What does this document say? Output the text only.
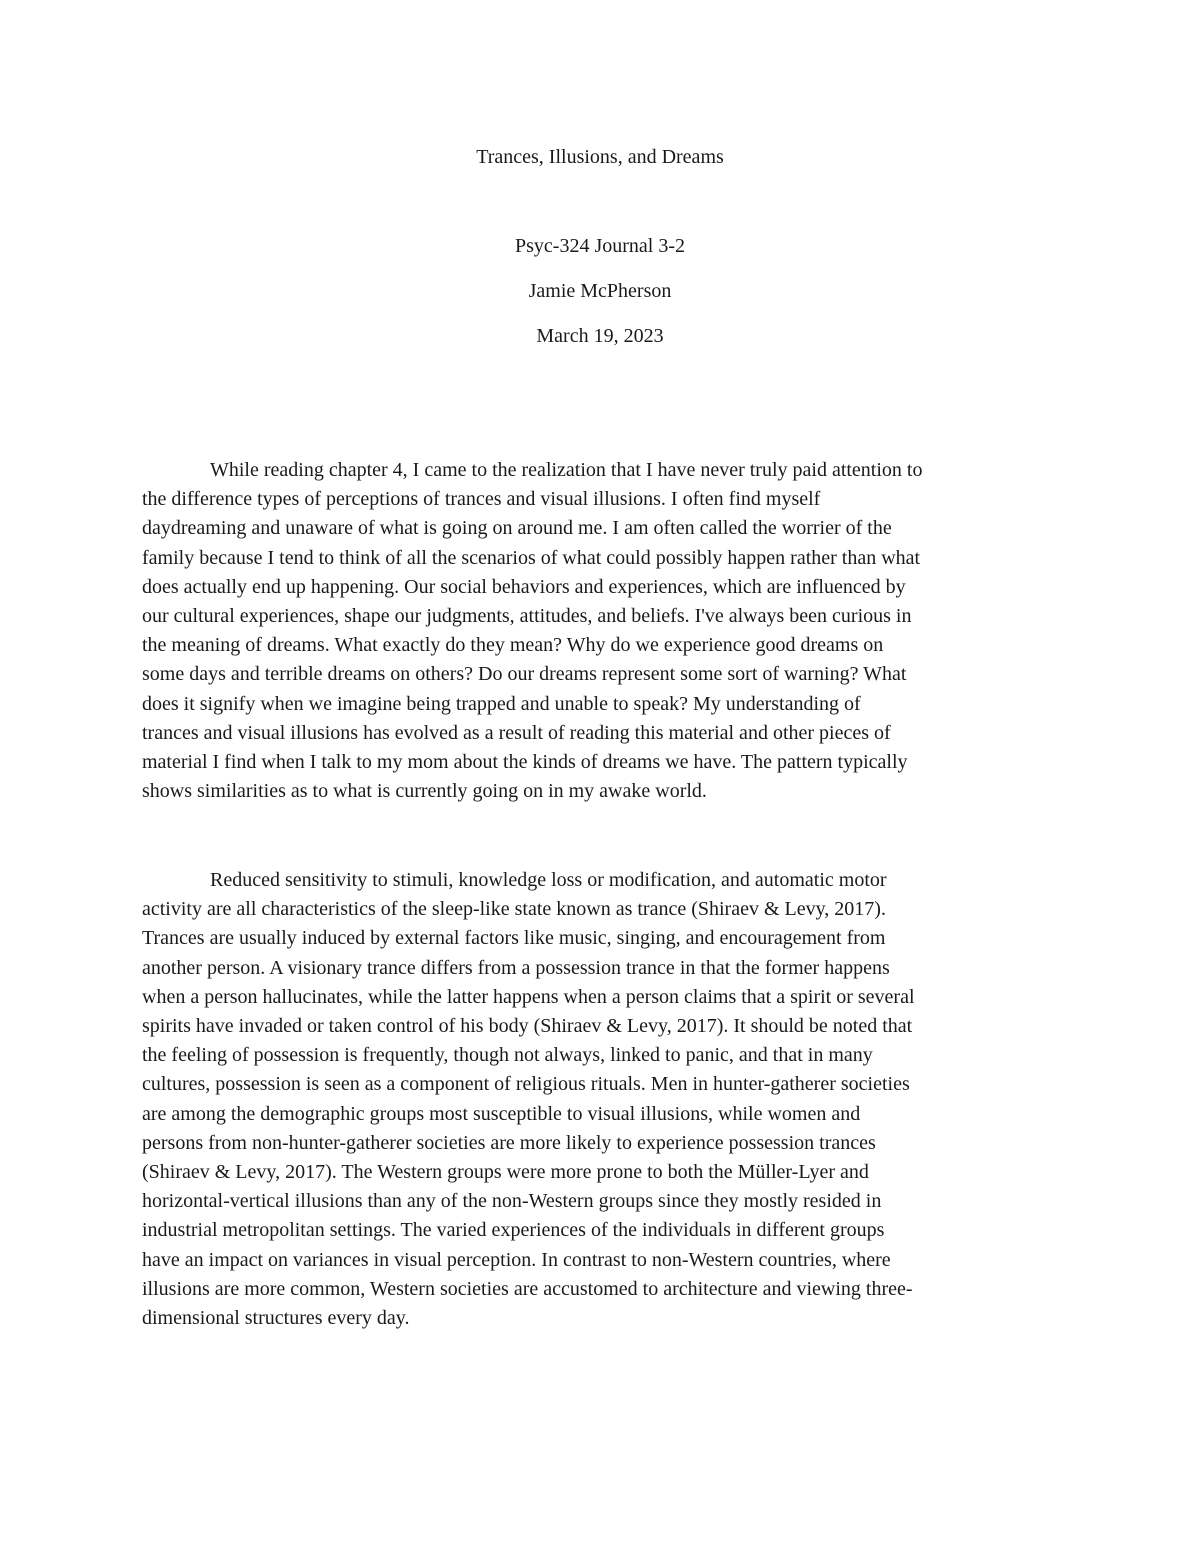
Trances, Illusions, and Dreams
Psyc-324 Journal 3-2
Jamie McPherson
March 19, 2023
While reading chapter 4, I came to the realization that I have never truly paid attention to
the difference types of perceptions of trances and visual illusions. I often find myself
daydreaming and unaware of what is going on around me. I am often called the worrier of the
family because I tend to think of all the scenarios of what could possibly happen rather than what
does actually end up happening. Our social behaviors and experiences, which are influenced by
our cultural experiences, shape our judgments, attitudes, and beliefs. I've always been curious in
the meaning of dreams. What exactly do they mean? Why do we experience good dreams on
some days and terrible dreams on others? Do our dreams represent some sort of warning? What
does it signify when we imagine being trapped and unable to speak? My understanding of
trances and visual illusions has evolved as a result of reading this material and other pieces of
material I find when I talk to my mom about the kinds of dreams we have. The pattern typically
shows similarities as to what is currently going on in my awake world.
Reduced sensitivity to stimuli, knowledge loss or modification, and automatic motor
activity are all characteristics of the sleep-like state known as trance (Shiraev & Levy, 2017).
Trances are usually induced by external factors like music, singing, and encouragement from
another person. A visionary trance differs from a possession trance in that the former happens
when a person hallucinates, while the latter happens when a person claims that a spirit or several
spirits have invaded or taken control of his body (Shiraev & Levy, 2017). It should be noted that
the feeling of possession is frequently, though not always, linked to panic, and that in many
cultures, possession is seen as a component of religious rituals. Men in hunter-gatherer societies
are among the demographic groups most susceptible to visual illusions, while women and
persons from non-hunter-gatherer societies are more likely to experience possession trances
(Shiraev & Levy, 2017). The Western groups were more prone to both the Müller-Lyer and
horizontal-vertical illusions than any of the non-Western groups since they mostly resided in
industrial metropolitan settings. The varied experiences of the individuals in different groups
have an impact on variances in visual perception. In contrast to non-Western countries, where
illusions are more common, Western societies are accustomed to architecture and viewing three-
dimensional structures every day.
